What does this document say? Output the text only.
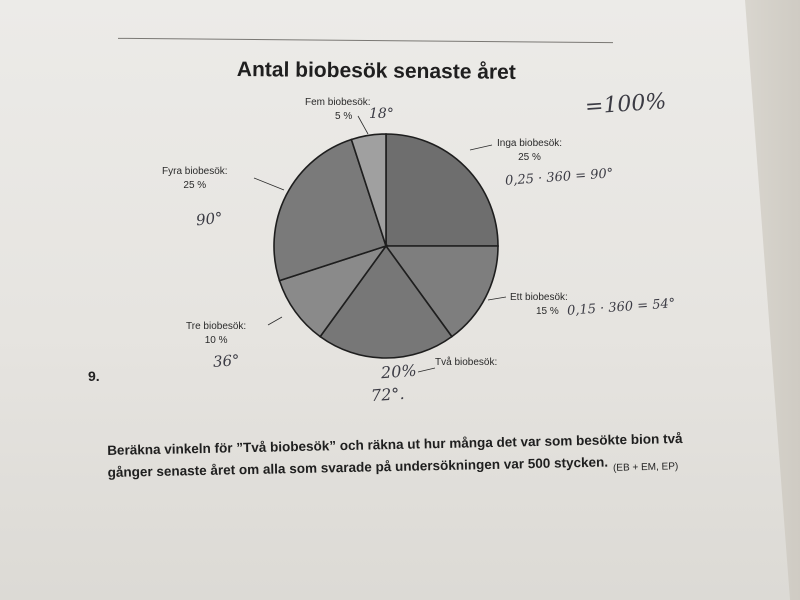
Antal biobesök senaste året
Fem biobesök:
5 %
Inga biobesök:
25 %
Fyra biobesök:
25 %
Ett biobesök:
15 %
Tre biobesök:
10 %
Två biobesök:
=100%
18°
0,25 · 360 = 90°
90°
0,15 · 360 = 54°
36°	20%
72°.
9.
Beräkna vinkeln för ”Två biobesök” och räkna ut hur många det var som besökte bion två gånger senaste året om alla som svarade på undersökningen var 500 stycken. (EB + EM, EP)
